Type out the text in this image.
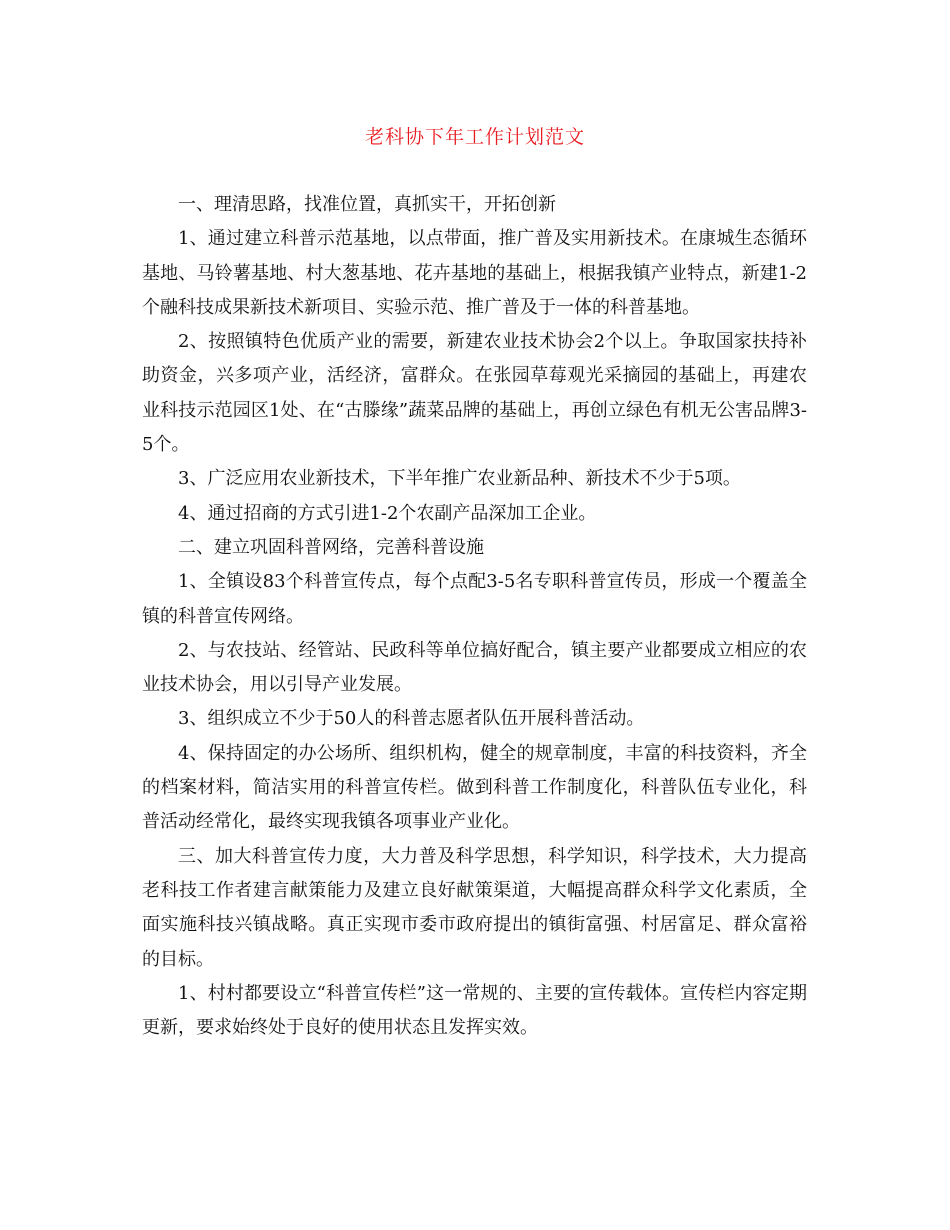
老科协下年工作计划范文

一、理清思路，找准位置，真抓实干，开拓创新

1、通过建立科普示范基地，以点带面，推广普及实用新技术。在康城生态循环基地、马铃薯基地、村大葱基地、花卉基地的基础上，根据我镇产业特点，新建1-2个融科技成果新技术新项目、实验示范、推广普及于一体的科普基地。

2、按照镇特色优质产业的需要，新建农业技术协会2个以上。争取国家扶持补助资金，兴多项产业，活经济，富群众。在张园草莓观光采摘园的基础上，再建农业科技示范园区1处、在“古滕缘”蔬菜品牌的基础上，再创立绿色有机无公害品牌3-5个。

3、广泛应用农业新技术，下半年推广农业新品种、新技术不少于5项。

4、通过招商的方式引进1-2个农副产品深加工企业。

二、建立巩固科普网络，完善科普设施

1、全镇设83个科普宣传点，每个点配3-5名专职科普宣传员，形成一个覆盖全镇的科普宣传网络。

2、与农技站、经管站、民政科等单位搞好配合，镇主要产业都要成立相应的农业技术协会，用以引导产业发展。

3、组织成立不少于50人的科普志愿者队伍开展科普活动。

4、保持固定的办公场所、组织机构，健全的规章制度，丰富的科技资料，齐全的档案材料，简洁实用的科普宣传栏。做到科普工作制度化，科普队伍专业化，科普活动经常化，最终实现我镇各项事业产业化。

三、加大科普宣传力度，大力普及科学思想，科学知识，科学技术，大力提高老科技工作者建言献策能力及建立良好献策渠道，大幅提高群众科学文化素质，全面实施科技兴镇战略。真正实现市委市政府提出的镇街富强、村居富足、群众富裕的目标。

1、村村都要设立“科普宣传栏”这一常规的、主要的宣传载体。宣传栏内容定期更新，要求始终处于良好的使用状态且发挥实效。
